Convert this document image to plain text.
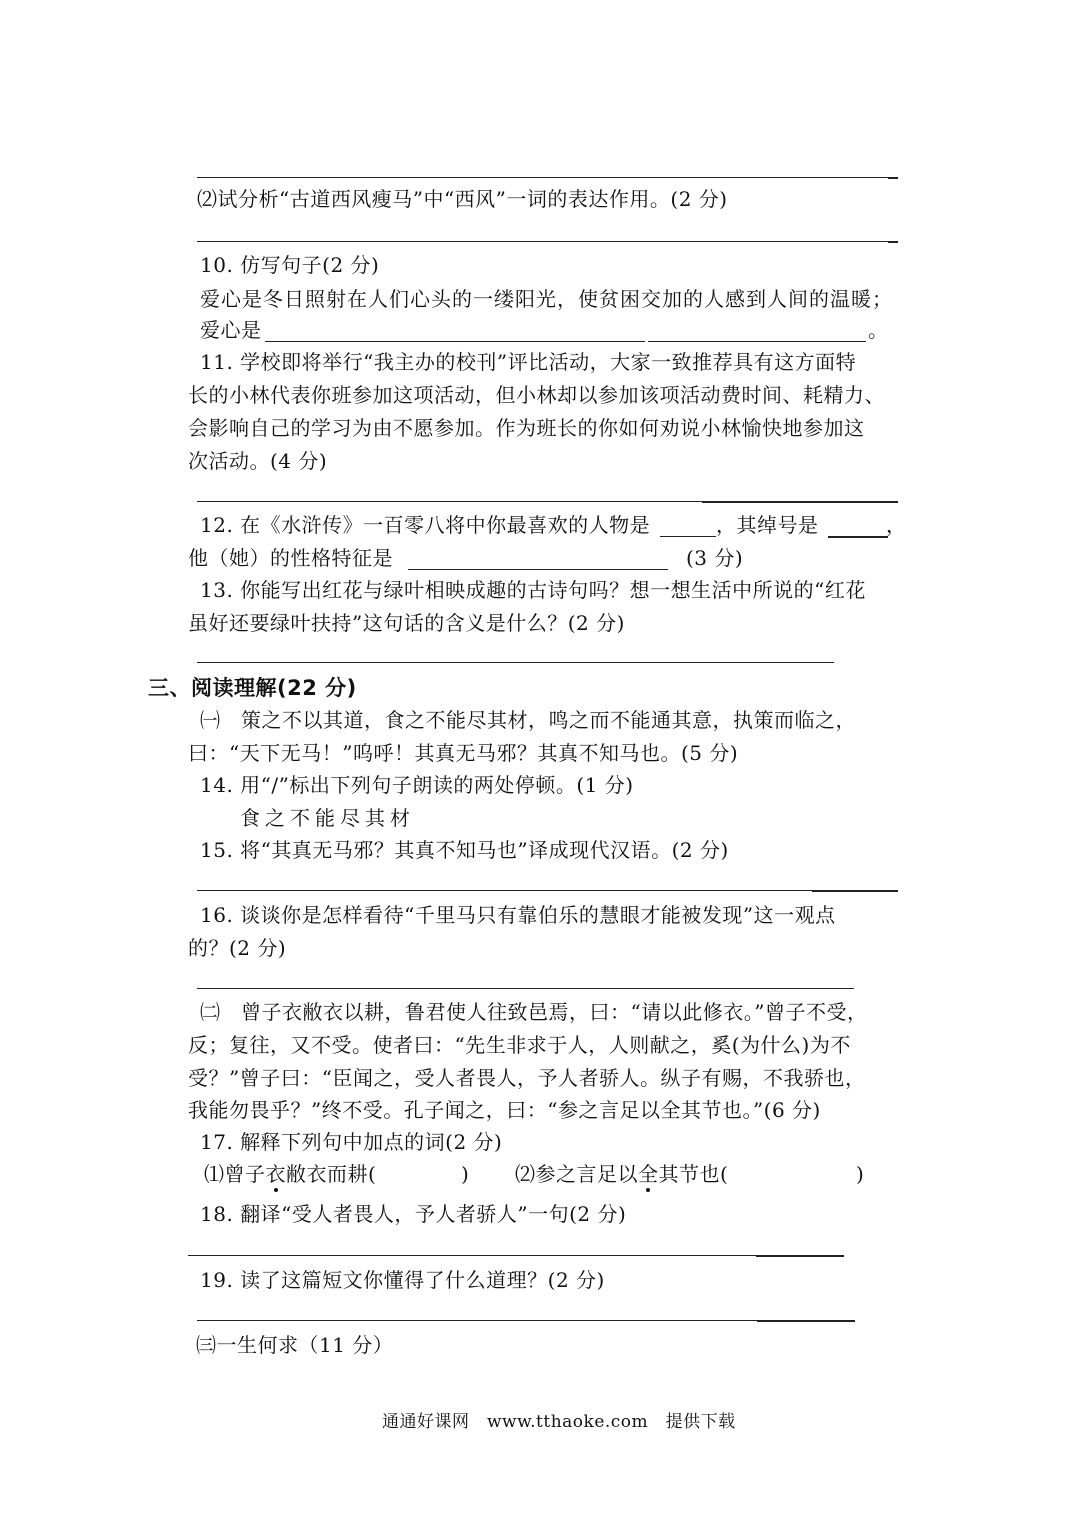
⑵试分析“古道西风瘦马”中“西风”一词的表达作用。(2 分)
10. 仿写句子(2 分)
爱心是冬日照射在人们心头的一缕阳光，使贫困交加的人感到人间的温暖；
爱心是	。
11. 学校即将举行“我主办的校刊”评比活动，大家一致推荐具有这方面特
长的小林代表你班参加这项活动，但小林却以参加该项活动费时间、耗精力、
会影响自己的学习为由不愿参加。作为班长的你如何劝说小林愉快地参加这
次活动。(4 分)
12. 在《水浒传》一百零八将中你最喜欢的人物是	，其绰号是	，
他（她）的性格特征是	(3 分)
13. 你能写出红花与绿叶相映成趣的古诗句吗？想一想生活中所说的“红花
虽好还要绿叶扶持”这句话的含义是什么？(2 分)
三、阅读理解(22 分)
㈠　策之不以其道，食之不能尽其材，鸣之而不能通其意，执策而临之，
曰：“天下无马！”呜呼！其真无马邪？其真不知马也。(5 分)
14. 用“/”标出下列句子朗读的两处停顿。(1 分)
食之不能尽其材
15. 将“其真无马邪？其真不知马也”译成现代汉语。(2 分)
16. 谈谈你是怎样看待“千里马只有靠伯乐的慧眼才能被发现”这一观点
的？(2 分)
㈡　曾子衣敝衣以耕，鲁君使人往致邑焉，曰：“请以此修衣。”曾子不受，
反；复往，又不受。使者曰：“先生非求于人，人则献之，奚(为什么)为不
受？”曾子曰：“臣闻之，受人者畏人，予人者骄人。纵子有赐，不我骄也，
我能勿畏乎？”终不受。孔子闻之，曰：“参之言足以全其节也。”(6 分)
17. 解释下列句中加点的词(2 分)
⑴曾子衣敝衣而耕(	) ⑵参之言足以全其节也(	)
18. 翻译“受人者畏人，予人者骄人”一句(2 分)
19. 读了这篇短文你懂得了什么道理？(2 分)
㈢一生何求（11 分）
通通好课网　www.tthaoke.com　提供下载
